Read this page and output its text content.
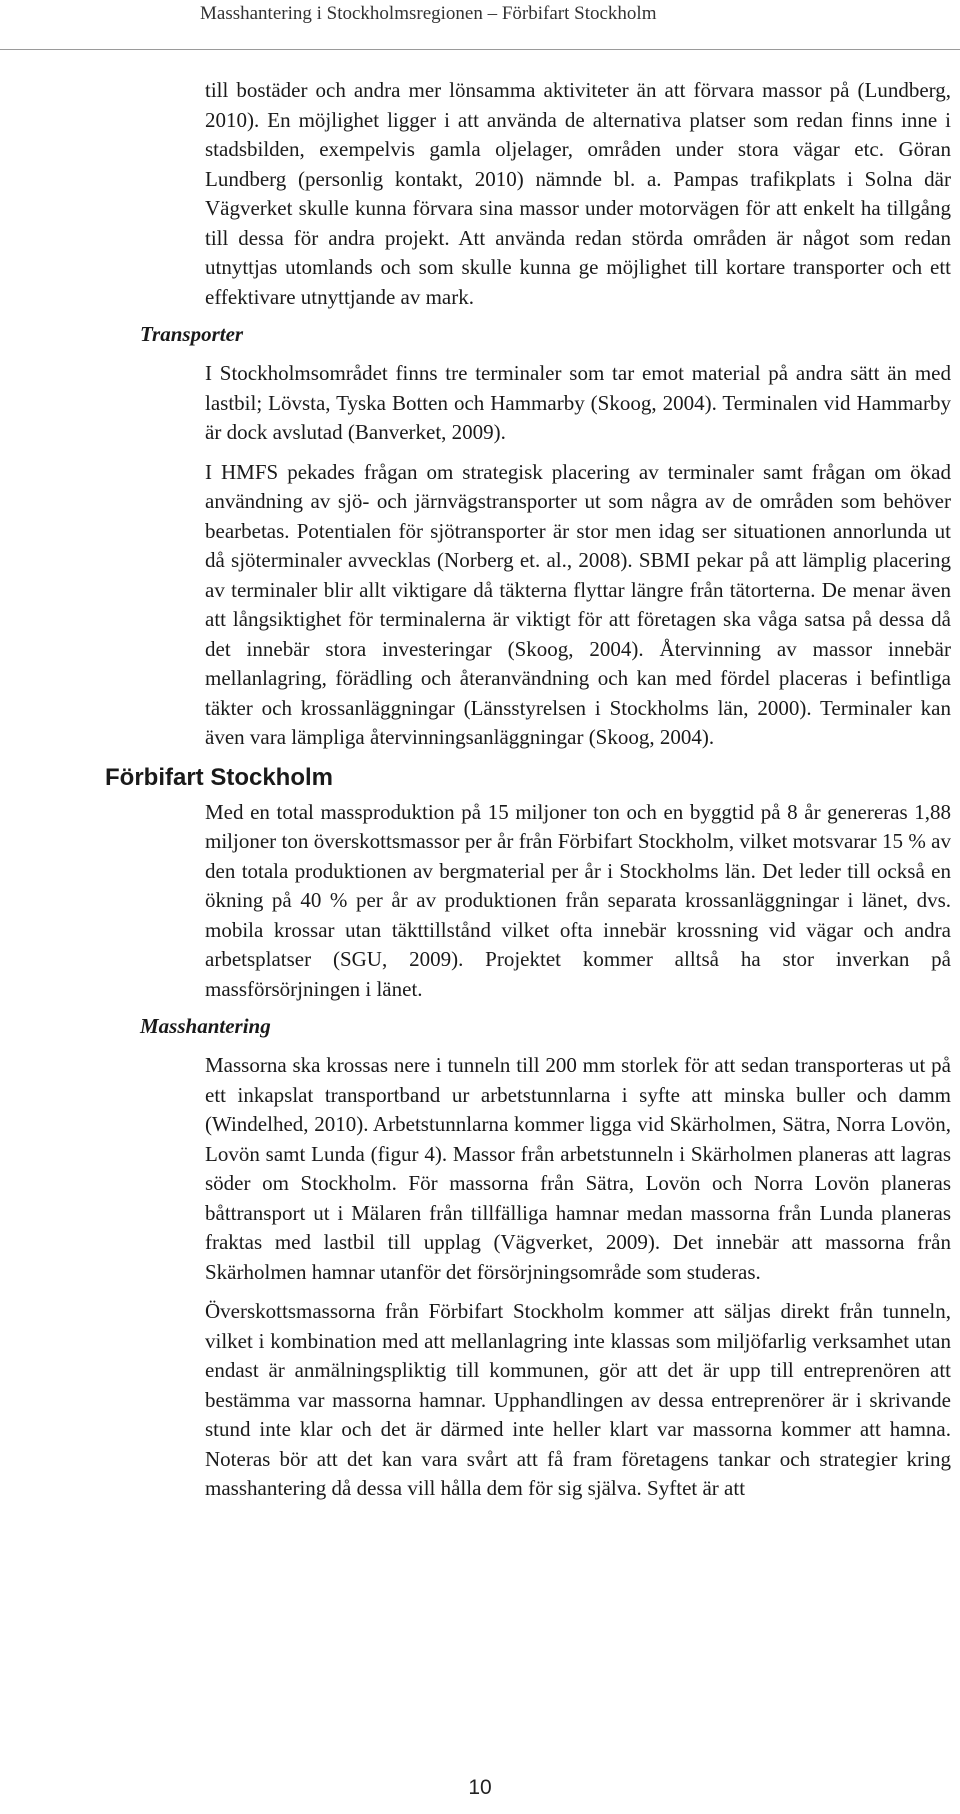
Masshantering i Stockholmsregionen – Förbifart Stockholm

till bostäder och andra mer lönsamma aktiviteter än att förvara massor på (Lundberg, 2010). En möjlighet ligger i att använda de alternativa platser som redan finns inne i stadsbilden, exempelvis gamla oljelager, områden under stora vägar etc. Göran Lundberg (personlig kontakt, 2010) nämnde bl. a. Pampas trafikplats i Solna där Vägverket skulle kunna förvara sina massor under motorvägen för att enkelt ha tillgång till dessa för andra projekt. Att använda redan störda områden är något som redan utnyttjas utomlands och som skulle kunna ge möjlighet till kortare transporter och ett effektivare utnyttjande av mark.

Transporter

I Stockholmsområdet finns tre terminaler som tar emot material på andra sätt än med lastbil; Lövsta, Tyska Botten och Hammarby (Skoog, 2004). Terminalen vid Hammarby är dock avslutad (Banverket, 2009).

I HMFS pekades frågan om strategisk placering av terminaler samt frågan om ökad användning av sjö- och järnvägstransporter ut som några av de områden som behöver bearbetas. Potentialen för sjötransporter är stor men idag ser situationen annorlunda ut då sjöterminaler avvecklas (Norberg et. al., 2008). SBMI pekar på att lämplig placering av terminaler blir allt viktigare då täkterna flyttar längre från tätorterna. De menar även att långsiktighet för terminalerna är viktigt för att företagen ska våga satsa på dessa då det innebär stora investeringar (Skoog, 2004). Återvinning av massor innebär mellanlagring, förädling och återanvändning och kan med fördel placeras i befintliga täkter och krossanläggningar (Länsstyrelsen i Stockholms län, 2000). Terminaler kan även vara lämpliga återvinningsanläggningar (Skoog, 2004).

Förbifart Stockholm

Med en total massproduktion på 15 miljoner ton och en byggtid på 8 år genereras 1,88 miljoner ton överskottsmassor per år från Förbifart Stockholm, vilket motsvarar 15 % av den totala produktionen av bergmaterial per år i Stockholms län. Det leder till också en ökning på 40 % per år av produktionen från separata krossanläggningar i länet, dvs. mobila krossar utan täkttillstånd vilket ofta innebär krossning vid vägar och andra arbetsplatser (SGU, 2009). Projektet kommer alltså ha stor inverkan på massförsörjningen i länet.

Masshantering

Massorna ska krossas nere i tunneln till 200 mm storlek för att sedan transporteras ut på ett inkapslat transportband ur arbetstunnlarna i syfte att minska buller och damm (Windelhed, 2010). Arbetstunnlarna kommer ligga vid Skärholmen, Sätra, Norra Lovön, Lovön samt Lunda (figur 4). Massor från arbetstunneln i Skärholmen planeras att lagras söder om Stockholm. För massorna från Sätra, Lovön och Norra Lovön planeras båttransport ut i Mälaren från tillfälliga hamnar medan massorna från Lunda planeras fraktas med lastbil till upplag (Vägverket, 2009). Det innebär att massorna från Skärholmen hamnar utanför det försörjningsområde som studeras.

Överskottsmassorna från Förbifart Stockholm kommer att säljas direkt från tunneln, vilket i kombination med att mellanlagring inte klassas som miljöfarlig verksamhet utan endast är anmälningspliktig till kommunen, gör att det är upp till entreprenören att bestämma var massorna hamnar. Upphandlingen av dessa entreprenörer är i skrivande stund inte klar och det är därmed inte heller klart var massorna kommer att hamna. Noteras bör att det kan vara svårt att få fram företagens tankar och strategier kring masshantering då dessa vill hålla dem för sig själva. Syftet är att

10
